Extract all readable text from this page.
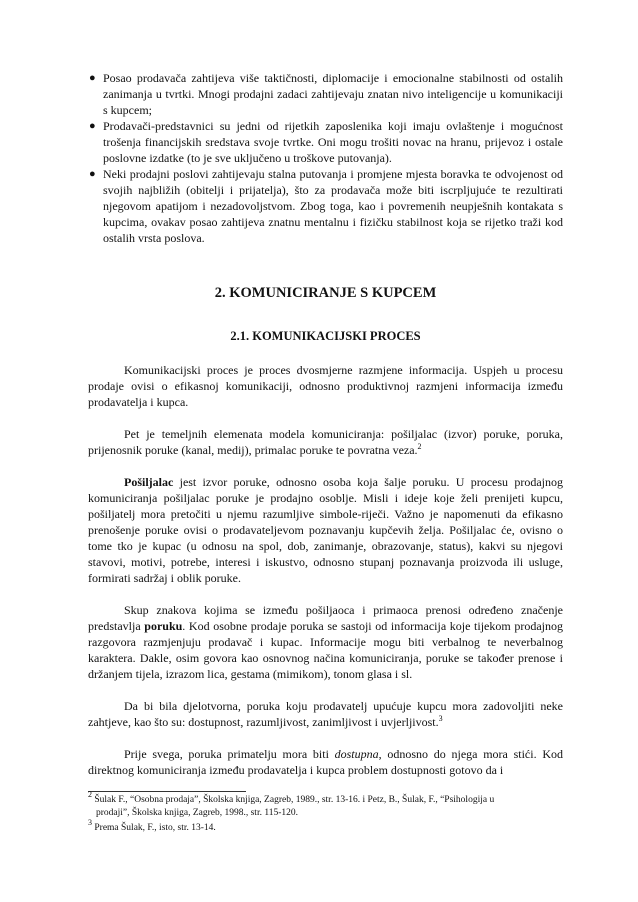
● Posao prodavača zahtijeva više taktičnosti, diplomacije i emocionalne stabilnosti od ostalih zanimanja u tvrtki. Mnogi prodajni zadaci zahtijevaju znatan nivo inteligencije u komunikaciji s kupcem;
● Prodavači-predstavnici su jedni od rijetkih zaposlenika koji imaju ovlaštenje i mogućnost trošenja financijskih sredstava svoje tvrtke. Oni mogu trošiti novac na hranu, prijevoz i ostale poslovne izdatke (to je sve uključeno u troškove putovanja).
● Neki prodajni poslovi zahtijevaju stalna putovanja i promjene mjesta boravka te odvojenost od svojih najbližih (obitelji i prijatelja), što za prodavača može biti iscrpljujuće te rezultirati njegovom apatijom i nezadovoljstvom. Zbog toga, kao i povremenih neupješnih kontakata s kupcima, ovakav posao zahtijeva znatnu mentalnu i fizičku stabilnost koja se rijetko traži kod ostalih vrsta poslova.
2. KOMUNICIRANJE S KUPCEM
2.1. KOMUNIKACIJSKI PROCES

Komunikacijski proces je proces dvosmjerne razmjene informacija. Uspjeh u procesu prodaje ovisi o efikasnoj komunikaciji, odnosno produktivnoj razmjeni informacija između prodavatelja i kupca.

Pet je temeljnih elemenata modela komuniciranja: pošiljalac (izvor) poruke, poruka, prijenosnik poruke (kanal, medij), primalac poruke te povratna veza.$^2$

Pošiljalac jest izvor poruke, odnosno osoba koja šalje poruku. U procesu prodajnog komuniciranja pošiljalac poruke je prodajno osoblje. Misli i ideje koje želi prenijeti kupcu, pošiljatelj mora pretočiti u njemu razumljive simbole-riječi. Važno je napomenuti da efikasno prenošenje poruke ovisi o prodavateljevom poznavanju kupčevih želja. Pošiljalac će, ovisno o tome tko je kupac (u odnosu na spol, dob, zanimanje, obrazovanje, status), kakvi su njegovi stavovi, motivi, potrebe, interesi i iskustvo, odnosno stupanj poznavanja proizvoda ili usluge, formirati sadržaj i oblik poruke.

Skup znakova kojima se između pošiljaoca i primaoca prenosi određeno značenje predstavlja poruku. Kod osobne prodaje poruka se sastoji od informacija koje tijekom prodajnog razgovora razmjenjuju prodavač i kupac. Informacije mogu biti verbalnog te neverbalnog karaktera. Dakle, osim govora kao osnovnog načina komuniciranja, poruke se također prenose i držanjem tijela, izrazom lica, gestama (mimikom), tonom glasa i sl.

Da bi bila djelotvorna, poruka koju prodavatelj upućuje kupcu mora zadovoljiti neke zahtjeve, kao što su: dostupnost, razumljivost, zanimljivost i uvjerljivost.$^3$

Prije svega, poruka primatelju mora biti dostupna, odnosno do njega mora stići. Kod direktnog komuniciranja između prodavatelja i kupca problem dostupnosti gotovo da i

$^2$ Šulak F., “Osobna prodaja”, Školska knjiga, Zagreb, 1989., str. 13-16. i Petz, B., Šulak, F., “Psihologija u
prodaji”, Školska knjiga, Zagreb, 1998., str. 115-120.
$^3$ Prema Šulak, F., isto, str. 13-14.
